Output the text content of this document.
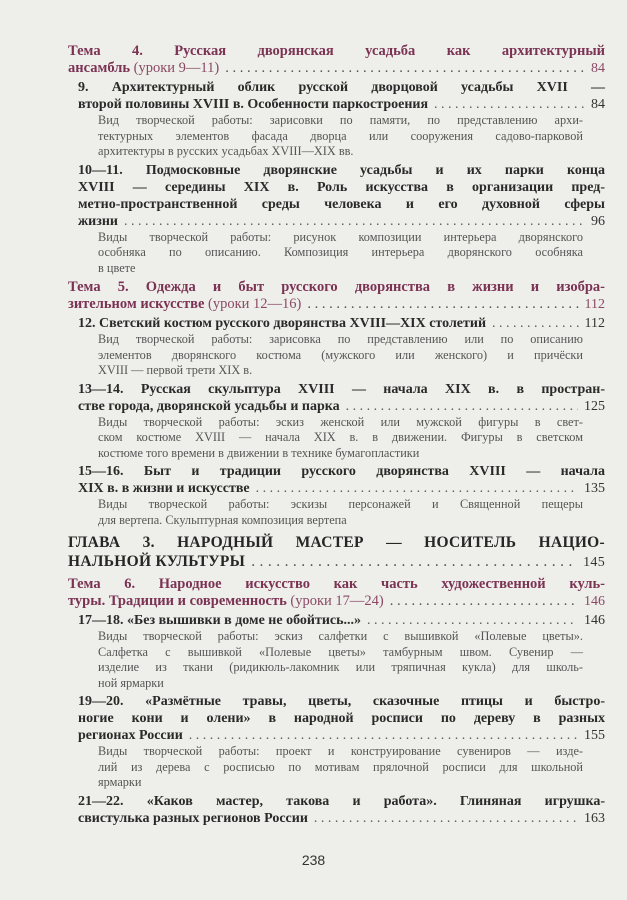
Тема 4. Русская дворянская усадьба как архитектурный
ансамбль (уроки 9—11) . . .	84
9. Архитектурный облик русской дворцовой усадьбы XVII —
второй половины XVIII в. Особенности паркостроения . . .	84
Вид творческой работы: зарисовки по памяти, по представлению архи-
тектурных элементов фасада дворца или сооружения садово-парковой
архитектуры в русских усадьбах XVIII—XIX вв.
10—11. Подмосковные дворянские усадьбы и их парки конца
XVIII — середины XIX в. Роль искусства в организации пред-
метно-пространственной среды человека и его духовной сферы
жизни . . .	96
Виды творческой работы: рисунок композиции интерьера дворянского
особняка по описанию. Композиция интерьера дворянского особняка
в цвете
Тема 5. Одежда и быт русского дворянства в жизни и изобра-
зительном искусстве (уроки 12—16) . . .	112
12. Светский костюм русского дворянства XVIII—XIX столетий . . .	112
Вид творческой работы: зарисовка по представлению или по описанию
элементов дворянского костюма (мужского или женского) и причёски
XVIII — первой трети XIX в.
13—14. Русская скульптура XVIII — начала XIX в. в простран-
стве города, дворянской усадьбы и парка . . .	125
Виды творческой работы: эскиз женской или мужской фигуры в свет-
ском костюме XVIII — начала XIX в. в движении. Фигуры в светском
костюме того времени в движении в технике бумагопластики
15—16. Быт и традиции русского дворянства XVIII — начала
XIX в. в жизни и искусстве . . .	135
Виды творческой работы: эскизы персонажей и Священной пещеры
для вертепа. Скульптурная композиция вертепа
ГЛАВА 3. НАРОДНЫЙ МАСТЕР — НОСИТЕЛЬ НАЦИО-
НАЛЬНОЙ КУЛЬТУРЫ . . .	145
Тема 6. Народное искусство как часть художественной куль-
туры. Традиции и современность (уроки 17—24) . . .	146
17—18. «Без вышивки в доме не обойтись...» . . .	146
Виды творческой работы: эскиз салфетки с вышивкой «Полевые цветы».
Салфетка с вышивкой «Полевые цветы» тамбурным швом. Сувенир —
изделие из ткани (ридикюль-лакомник или тряпичная кукла) для школь-
ной ярмарки
19—20. «Размётные травы, цветы, сказочные птицы и быстро-
ногие кони и олени» в народной росписи по дереву в разных
регионах России . . .	155
Виды творческой работы: проект и конструирование сувениров — изде-
лий из дерева с росписью по мотивам прялочной росписи для школьной
ярмарки
21—22. «Каков мастер, такова и работа». Глиняная игрушка-
свистулька разных регионов России . . .	163
238
